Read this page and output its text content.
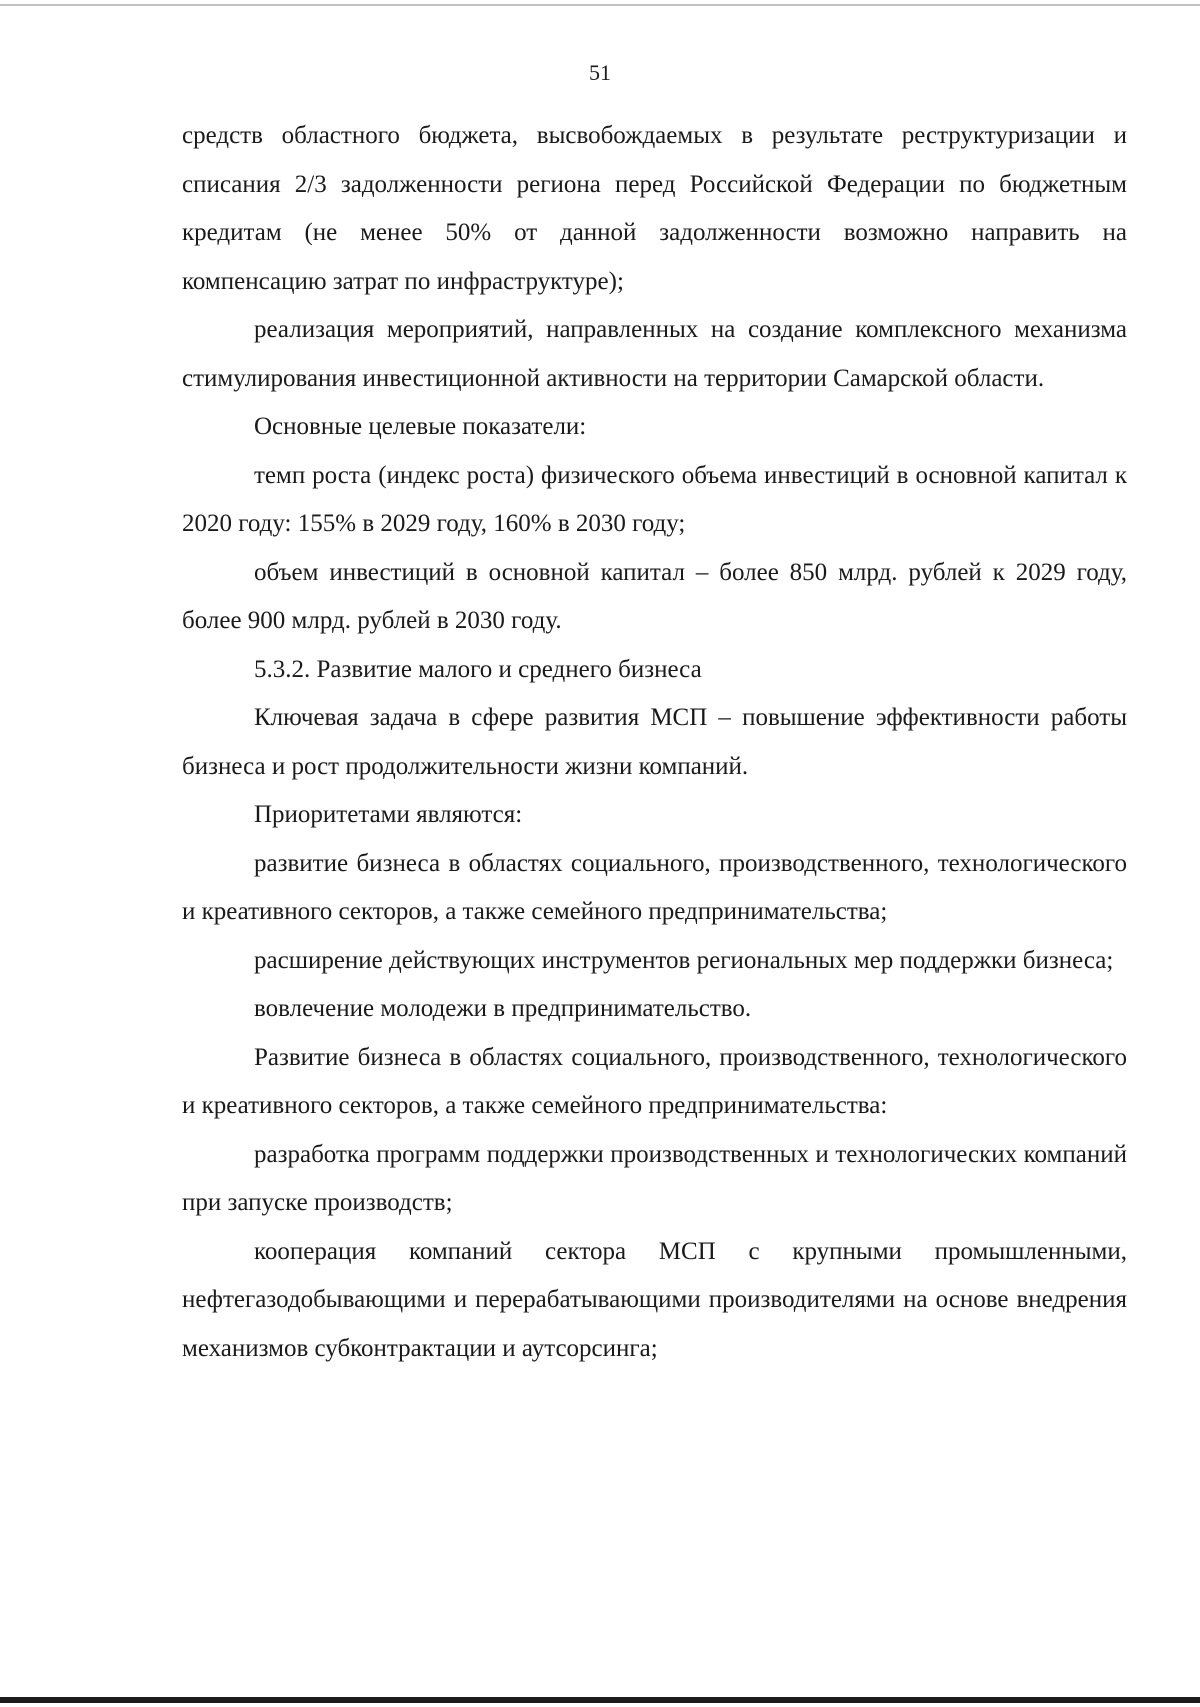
51

средств областного бюджета, высвобождаемых в результате реструктуризации и списания 2/3 задолженности региона перед Российской Федерации по бюджетным кредитам (не менее 50% от данной задолженности возможно направить на компенсацию затрат по инфраструктуре);

реализация мероприятий, направленных на создание комплексного механизма стимулирования инвестиционной активности на территории Самарской области.

Основные целевые показатели:

темп роста (индекс роста) физического объема инвестиций в основной капитал к 2020 году: 155% в 2029 году, 160% в 2030 году;

объем инвестиций в основной капитал – более 850 млрд. рублей к 2029 году, более 900 млрд. рублей в 2030 году.

5.3.2. Развитие малого и среднего бизнеса

Ключевая задача в сфере развития МСП – повышение эффективности работы бизнеса и рост продолжительности жизни компаний.

Приоритетами являются:

развитие бизнеса в областях социального, производственного, технологического и креативного секторов, а также семейного предпринимательства;

расширение действующих инструментов региональных мер поддержки бизнеса;

вовлечение молодежи в предпринимательство.

Развитие бизнеса в областях социального, производственного, технологического и креативного секторов, а также семейного предпринимательства:

разработка программ поддержки производственных и технологических компаний при запуске производств;

кооперация компаний сектора МСП с крупными промышленными, нефтегазодобывающими и перерабатывающими производителями на основе внедрения механизмов субконтрактации и аутсорсинга;
